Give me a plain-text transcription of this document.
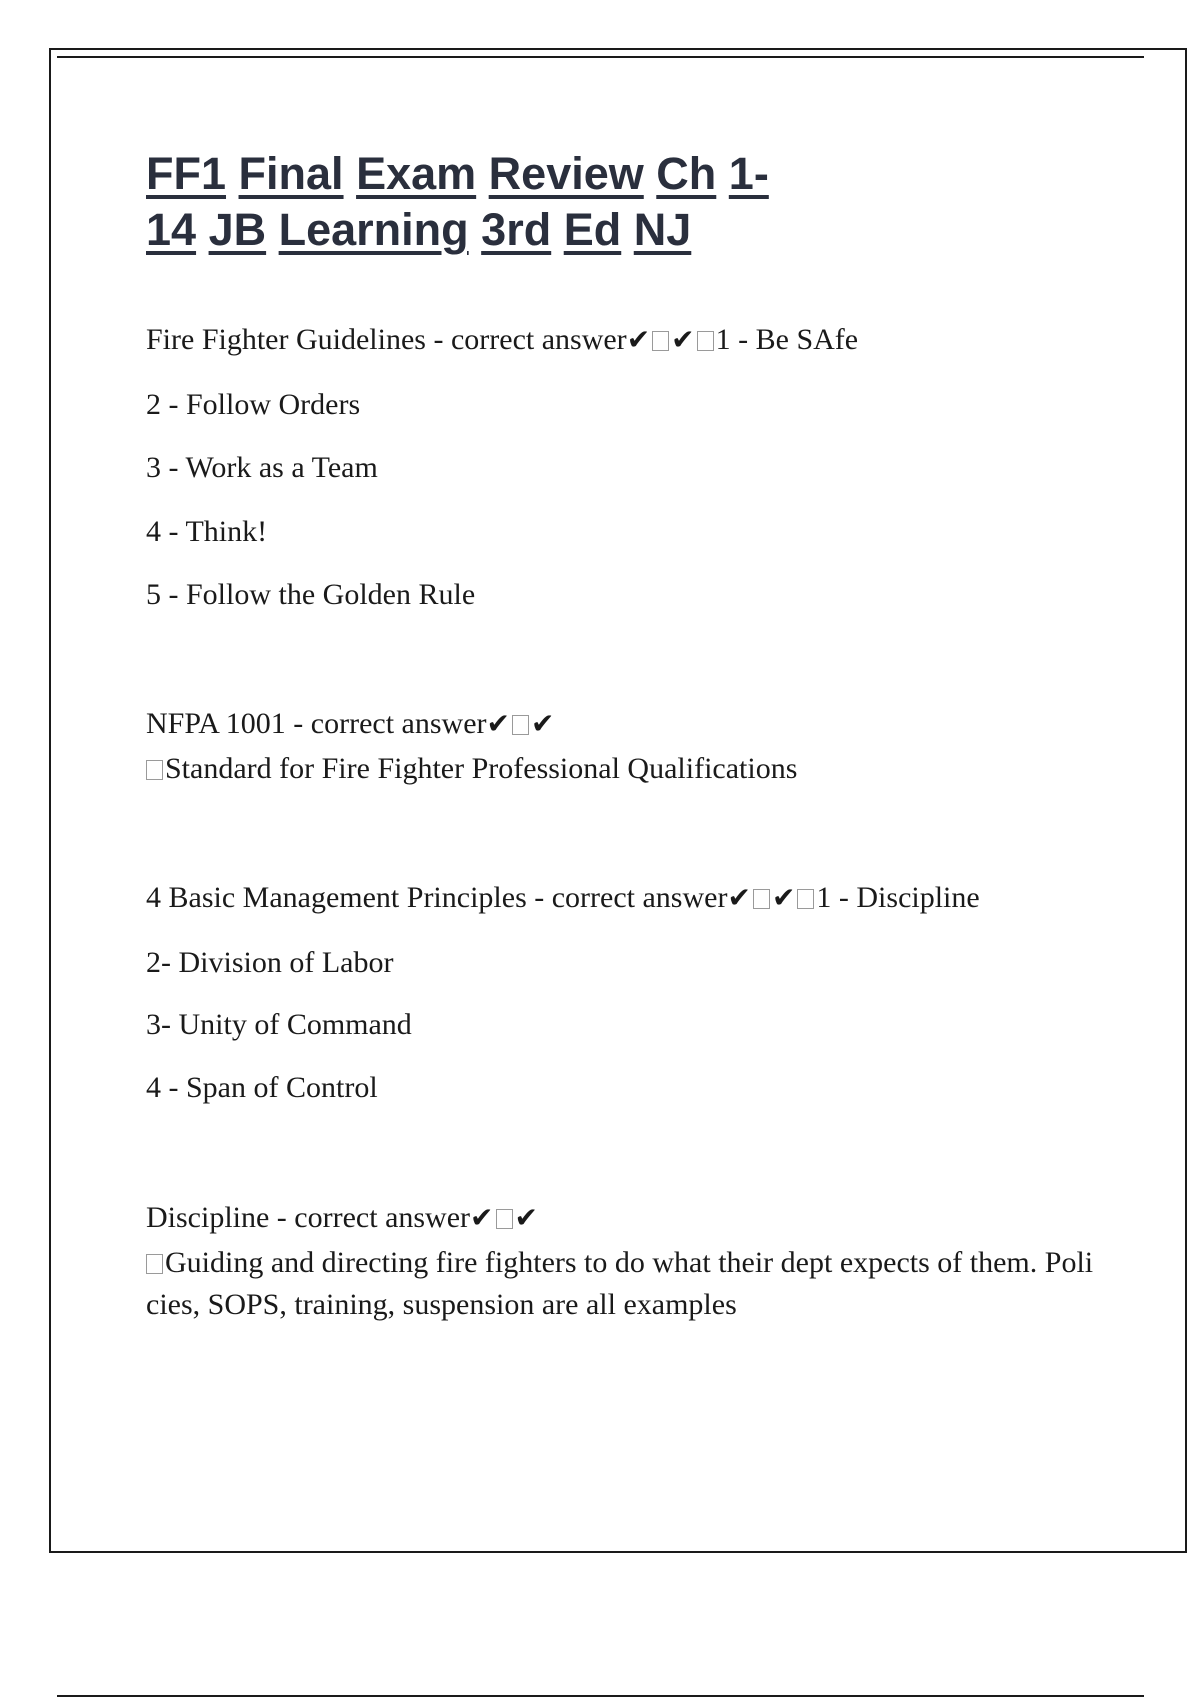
FF1 Final Exam Review Ch 1-
14 JB Learning 3rd Ed NJ
Fire Fighter Guidelines - correct answer✔ ✔ 1 - Be SAfe
2 - Follow Orders
3 - Work as a Team
4 - Think!
5 - Follow the Golden Rule
NFPA 1001 - correct answer✔ ✔
Standard for Fire Fighter Professional Qualifications
4 Basic Management Principles - correct answer✔ ✔ 1 - Discipline
2- Division of Labor
3- Unity of Command
4 - Span of Control
Discipline - correct answer✔ ✔
Guiding and directing fire fighters to do what their dept expects of them. Policies, SOPS, training, suspension are all examples
